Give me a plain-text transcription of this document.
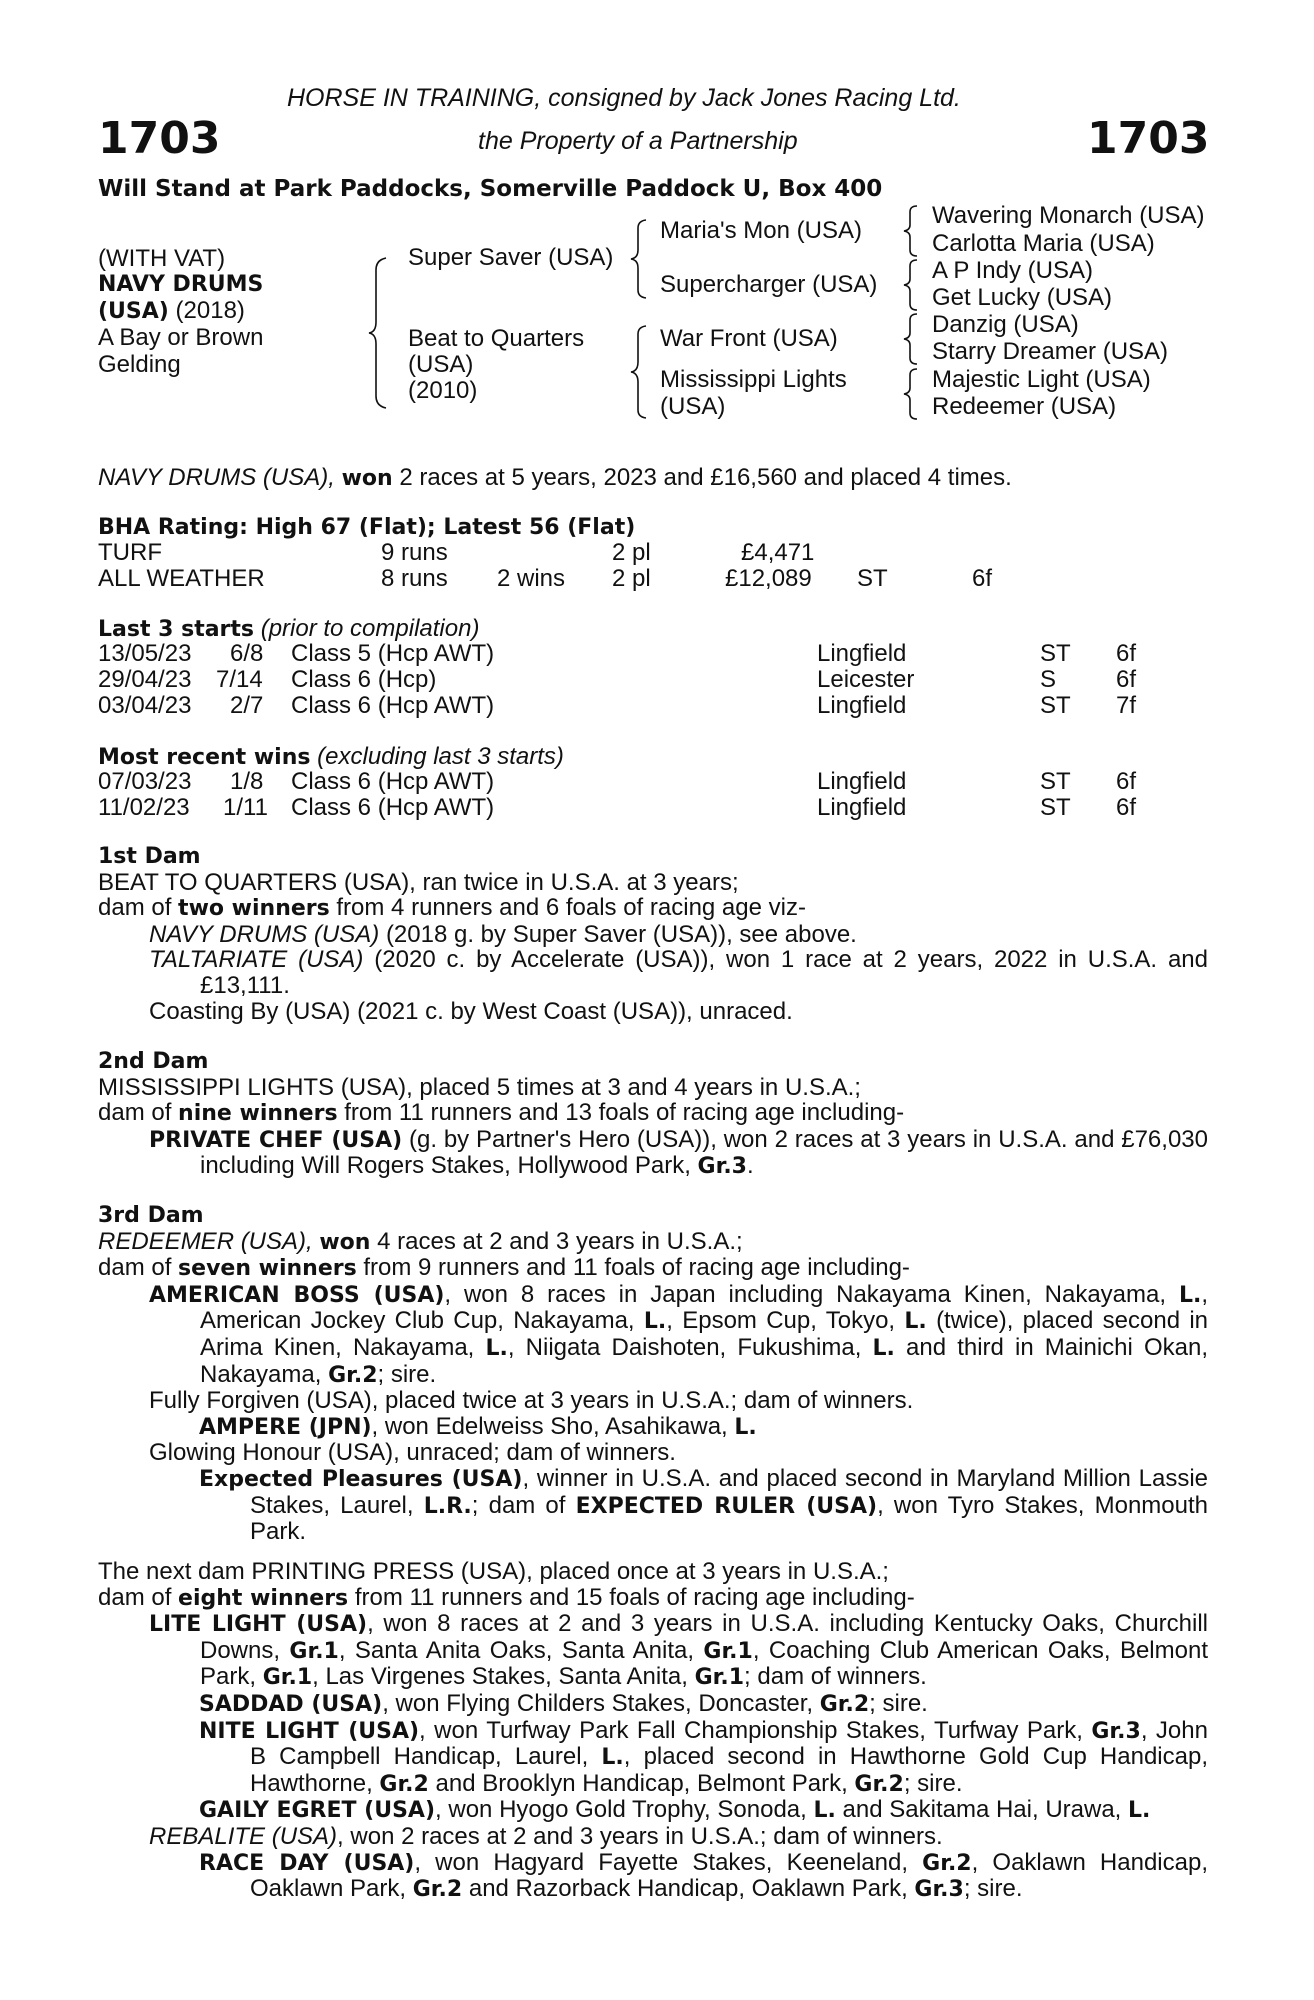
HORSE IN TRAINING, consigned by Jack Jones Racing Ltd.
the Property of a Partnership
1703	1703
Will Stand at Park Paddocks, Somerville Paddock U, Box 400
(WITH VAT)
NAVY DRUMS
(USA) (2018)
A Bay or Brown
Gelding
Super Saver (USA)
Beat to Quarters
(USA)
(2010)
Maria's Mon (USA)
Supercharger (USA)
War Front (USA)
Mississippi Lights
(USA)
Wavering Monarch (USA)
Carlotta Maria (USA)
A P Indy (USA)
Get Lucky (USA)
Danzig (USA)
Starry Dreamer (USA)
Majestic Light (USA)
Redeemer (USA)
NAVY DRUMS (USA), won 2 races at 5 years, 2023 and £16,560 and placed 4 times.
BHA Rating: High 67 (Flat); Latest 56 (Flat)
TURF	9 runs	2 pl	£4,471
ALL WEATHER	8 runs 2 wins 2 pl	£12,089 ST	6f
Last 3 starts (prior to compilation)
13/05/23 6/8 Class 5 (Hcp AWT)	Lingfield	ST 6f
29/04/23 7/14 Class 6 (Hcp)	Leicester	S 6f
03/04/23 2/7 Class 6 (Hcp AWT)	Lingfield	ST 7f
Most recent wins (excluding last 3 starts)
07/03/23 1/8 Class 6 (Hcp AWT)	Lingfield	ST 6f
11/02/23 1/11 Class 6 (Hcp AWT)	Lingfield	ST 6f

1st Dam

BEAT TO QUARTERS (USA), ran twice in U.S.A. at 3 years;

dam of two winners from 4 runners and 6 foals of racing age viz-

NAVY DRUMS (USA) (2018 g. by Super Saver (USA)), see above.

TALTARIATE (USA) (2020 c. by Accelerate (USA)), won 1 race at 2 years, 2022 in U.S.A. and £13,111.

Coasting By (USA) (2021 c. by West Coast (USA)), unraced.

2nd Dam

MISSISSIPPI LIGHTS (USA), placed 5 times at 3 and 4 years in U.S.A.;

dam of nine winners from 11 runners and 13 foals of racing age including-

PRIVATE CHEF (USA) (g. by Partner's Hero (USA)), won 2 races at 3 years in U.S.A. and £76,030 including Will Rogers Stakes, Hollywood Park, Gr.3.

3rd Dam

REDEEMER (USA), won 4 races at 2 and 3 years in U.S.A.;

dam of seven winners from 9 runners and 11 foals of racing age including-

AMERICAN BOSS (USA), won 8 races in Japan including Nakayama Kinen, Nakayama, L., American Jockey Club Cup, Nakayama, L., Epsom Cup, Tokyo, L. (twice), placed second in Arima Kinen, Nakayama, L., Niigata Daishoten, Fukushima, L. and third in Mainichi Okan, Nakayama, Gr.2; sire.

Fully Forgiven (USA), placed twice at 3 years in U.S.A.; dam of winners.

AMPERE (JPN), won Edelweiss Sho, Asahikawa, L.

Glowing Honour (USA), unraced; dam of winners.

Expected Pleasures (USA), winner in U.S.A. and placed second in Maryland Million Lassie Stakes, Laurel, L.R.; dam of EXPECTED RULER (USA), won Tyro Stakes, Monmouth Park.

The next dam PRINTING PRESS (USA), placed once at 3 years in U.S.A.;

dam of eight winners from 11 runners and 15 foals of racing age including-

LITE LIGHT (USA), won 8 races at 2 and 3 years in U.S.A. including Kentucky Oaks, Churchill Downs, Gr.1, Santa Anita Oaks, Santa Anita, Gr.1, Coaching Club American Oaks, Belmont Park, Gr.1, Las Virgenes Stakes, Santa Anita, Gr.1; dam of winners.

SADDAD (USA), won Flying Childers Stakes, Doncaster, Gr.2; sire.

NITE LIGHT (USA), won Turfway Park Fall Championship Stakes, Turfway Park, Gr.3, John B Campbell Handicap, Laurel, L., placed second in Hawthorne Gold Cup Handicap, Hawthorne, Gr.2 and Brooklyn Handicap, Belmont Park, Gr.2; sire.

GAILY EGRET (USA), won Hyogo Gold Trophy, Sonoda, L. and Sakitama Hai, Urawa, L.

REBALITE (USA), won 2 races at 2 and 3 years in U.S.A.; dam of winners.

RACE DAY (USA), won Hagyard Fayette Stakes, Keeneland, Gr.2, Oaklawn Handicap, Oaklawn Park, Gr.2 and Razorback Handicap, Oaklawn Park, Gr.3; sire.
